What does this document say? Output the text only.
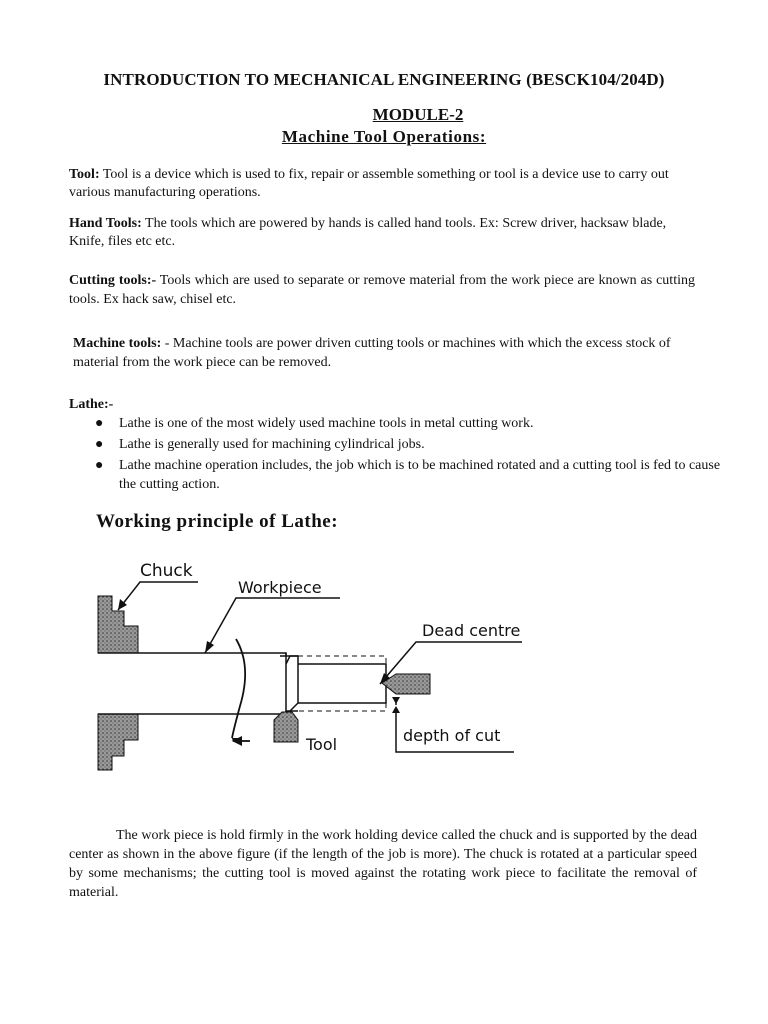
INTRODUCTION TO MECHANICAL ENGINEERING (BESCK104/204D)
MODULE-2
Machine Tool Operations:
Tool: Tool is a device which is used to fix, repair or assemble something or tool is a device use to carry out various manufacturing operations.
Hand Tools: The tools which are powered by hands is called hand tools. Ex: Screw driver, hacksaw blade, Knife, files etc etc.
Cutting tools:- Tools which are used to separate or remove material from the work piece are known as cutting tools. Ex hack saw, chisel etc.
Machine tools: - Machine tools are power driven cutting tools or machines with which the excess stock of material from the work piece can be removed.
Lathe:-
● Lathe is one of the most widely used machine tools in metal cutting work.
● Lathe is generally used for machining cylindrical jobs.
● Lathe machine operation includes, the job which is to be machined rotated and a cutting tool is fed to cause the cutting action.
Working principle of Lathe:
Chuck
Workpiece
Dead centre
Tool	depth of cut
The work piece is hold firmly in the work holding device called the chuck and is supported by the dead center as shown in the above figure (if the length of the job is more). The chuck is rotated at a particular speed by some mechanisms; the cutting tool is moved against the rotating work piece to facilitate the removal of material.
